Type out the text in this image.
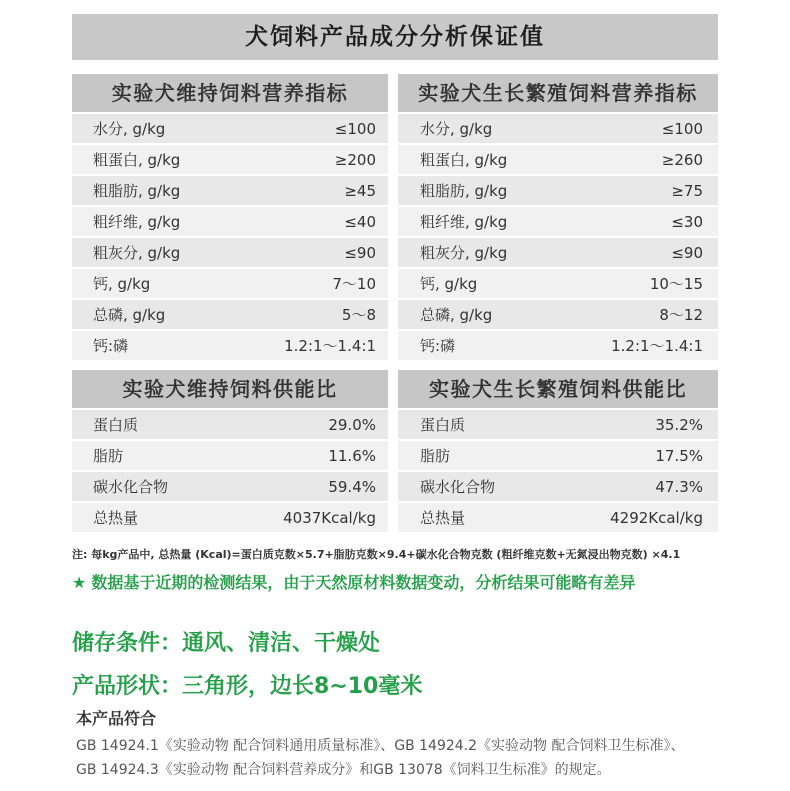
犬饲料产品成分分析保证值
实验犬维持饲料营养指标
水分, g/kg	≤100
粗蛋白, g/kg	≥200
粗脂肪, g/kg	≥45
粗纤维, g/kg	≤40
粗灰分, g/kg	≤90
钙, g/kg	7～10
总磷, g/kg	5～8
钙:磷	1.2:1～1.4:1
实验犬生长繁殖饲料营养指标
水分, g/kg	≤100
粗蛋白, g/kg	≥260
粗脂肪, g/kg	≥75
粗纤维, g/kg	≤30
粗灰分, g/kg	≤90
钙, g/kg	10～15
总磷, g/kg	8～12
钙:磷	1.2:1～1.4:1
实验犬维持饲料供能比
蛋白质	29.0%
脂肪	11.6%
碳水化合物	59.4%
总热量	4037Kcal/kg
实验犬生长繁殖饲料供能比
蛋白质	35.2%
脂肪	17.5%
碳水化合物	47.3%
总热量	4292Kcal/kg
注: 每kg产品中, 总热量 (Kcal)=蛋白质克数×5.7+脂肪克数×9.4+碳水化合物克数 (粗纤维克数+无氮浸出物克数) ×4.1
★ 数据基于近期的检测结果，由于天然原材料数据变动，分析结果可能略有差异
储存条件：通风、清洁、干燥处
产品形状：三角形，边长8~10毫米
本产品符合
GB 14924.1《实验动物 配合饲料通用质量标准》、GB 14924.2《实验动物 配合饲料卫生标准》、
GB 14924.3《实验动物 配合饲料营养成分》和GB 13078《饲料卫生标准》的规定。
